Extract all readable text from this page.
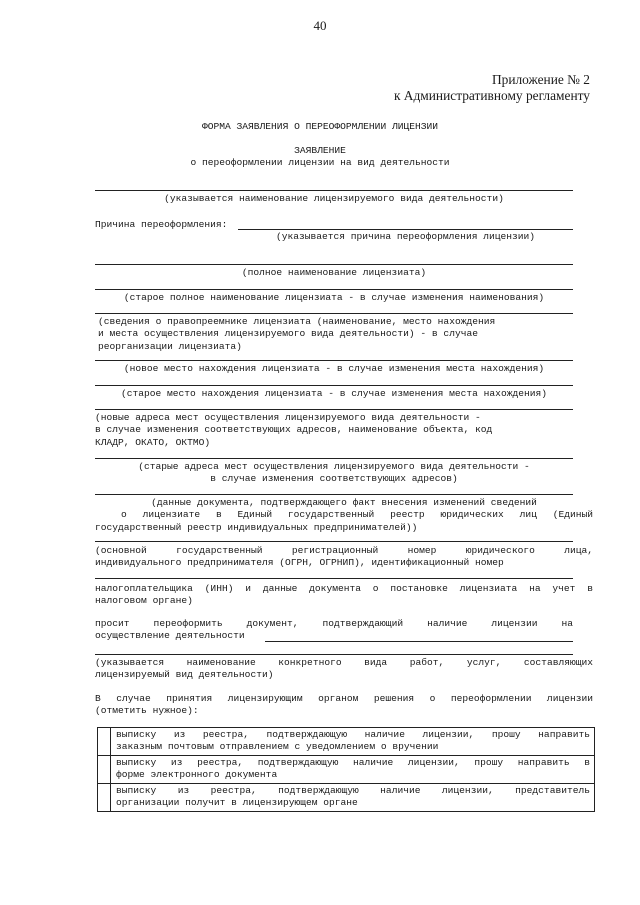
40
Приложение № 2
к Административному регламенту
ФОРМА ЗАЯВЛЕНИЯ О ПЕРЕОФОРМЛЕНИИ ЛИЦЕНЗИИ
ЗАЯВЛЕНИЕ
о переоформлении лицензии на вид деятельности
(указывается наименование лицензируемого вида деятельности)
Причина переоформления:
(указывается причина переоформления лицензии)
(полное наименование лицензиата)
(старое полное наименование лицензиата - в случае изменения наименования)
(сведения о правопреемнике лицензиата (наименование, место нахождения
и места осуществления лицензируемого вида деятельности) - в случае
реорганизации лицензиата)
(новое место нахождения лицензиата - в случае изменения места нахождения)
(старое место нахождения лицензиата - в случае изменения места нахождения)
(новые адреса мест осуществления лицензируемого вида деятельности -
в случае изменения соответствующих адресов, наименование объекта, код
КЛАДР, ОКАТО, ОКТМО)
(старые адреса мест осуществления лицензируемого вида деятельности -
в случае изменения соответствующих адресов)
(данные документа, подтверждающего факт внесения изменений сведений
о лицензиате в Единый государственный реестр юридических лиц (Единый
государственный реестр индивидуальных предпринимателей))
(основной государственный регистрационный номер юридического лица,
индивидуального предпринимателя (ОГРН, ОГРНИП), идентификационный номер
налогоплательщика (ИНН) и данные документа о постановке лицензиата на учет в
налоговом органе)
просит переоформить документ, подтверждающий наличие лицензии на
осуществление деятельности
(указывается наименование конкретного вида работ, услуг, составляющих
лицензируемый вид деятельности)
В случае принятия лицензирующим органом решения о переоформлении лицензии
(отметить нужное):

	выписку из реестра, подтверждающую наличие лицензии, прошу направить
заказным почтовым отправлением с уведомлением о вручении

	выписку из реестра, подтверждающую наличие лицензии, прошу направить в
форме электронного документа

	выписку из реестра, подтверждающую наличие лицензии, представитель
организации получит в лицензирующем органе
